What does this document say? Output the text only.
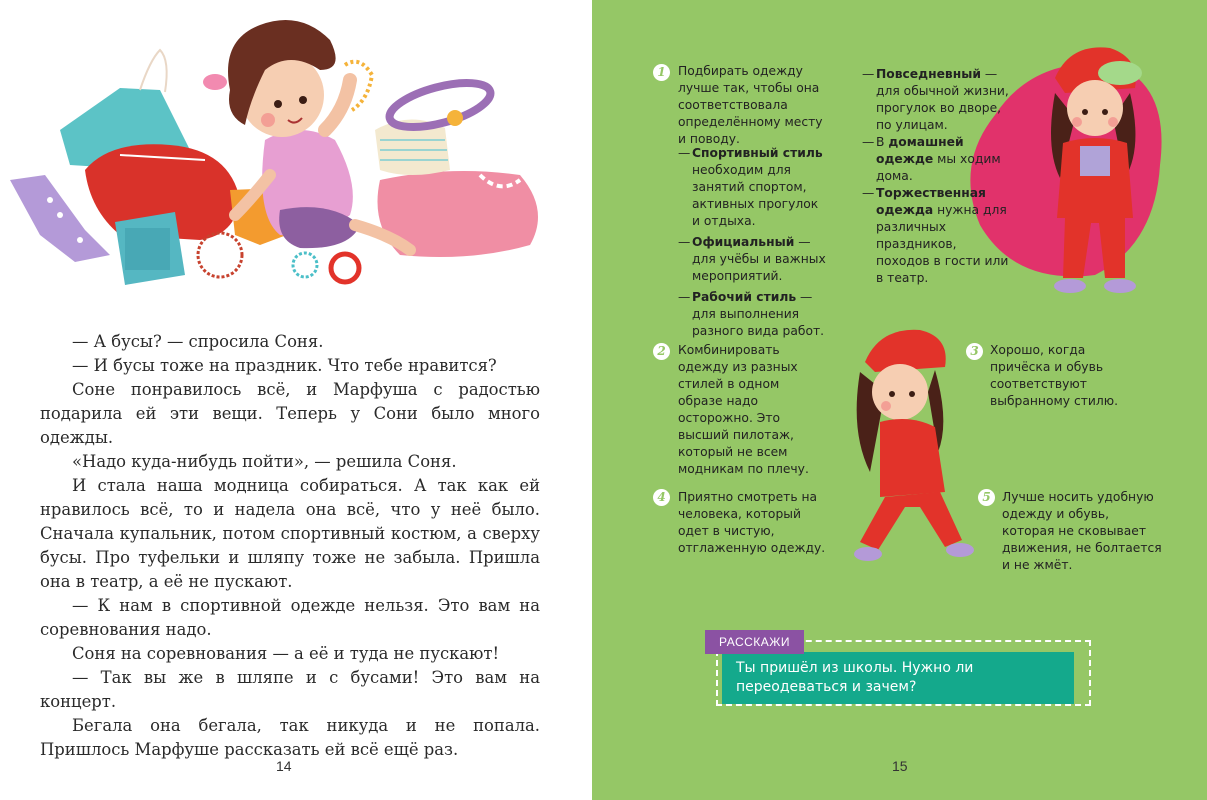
— А бусы? — спросила Соня.

— И бусы тоже на праздник. Что тебе нравится?

Соне понравилось всё, и Марфуша с радостью подарила ей эти вещи. Теперь у Сони было много одежды.

«Надо куда-нибудь пойти», — решила Соня.

И стала наша модница собираться. А так как ей нравилось всё, то и надела она всё, что у неё было. Сначала купальник, потом спортивный костюм, а сверху бусы. Про туфельки и шляпу тоже не забыла. Пришла она в театр, а её не пускают.

— К нам в спортивной одежде нельзя. Это вам на соревнования надо.

Соня на соревнования — а её и туда не пускают!

— Так вы же в шляпе и с бусами! Это вам на концерт.

Бегала она бегала, так никуда и не попала. Пришлось Марфуше рассказать ей всё ещё раз.

14
1	Подбирать одежду лучше так, чтобы она соответствовала определённому месту и поводу.
— Спортивный стиль необходим для занятий спортом, активных прогулок и отдыха.
— Официальный — для учёбы и важных мероприятий.
— Рабочий стиль — для выполнения разного вида работ.
— Повседневный — для обычной жизни, прогулок во дворе, по улицам.
— В домашней одежде мы ходим дома.
— Торжественная одежда нужна для различных праздников, походов в гости или в театр.
2	Комбинировать одежду из разных стилей в одном образе надо осторожно. Это высший пилотаж, который не всем модникам по плечу.
3 Хорошо, когда причёска и обувь соответствуют выбранному стилю.
4	Приятно смотреть на человека, который одет в чистую, отглаженную одежду.
5 Лучше носить удобную одежду и обувь, которая не сковывает движения, не болтается и не жмёт.
Ты пришёл из школы. Нужно ли переодеваться и зачем?
РАССКАЖИ
15
